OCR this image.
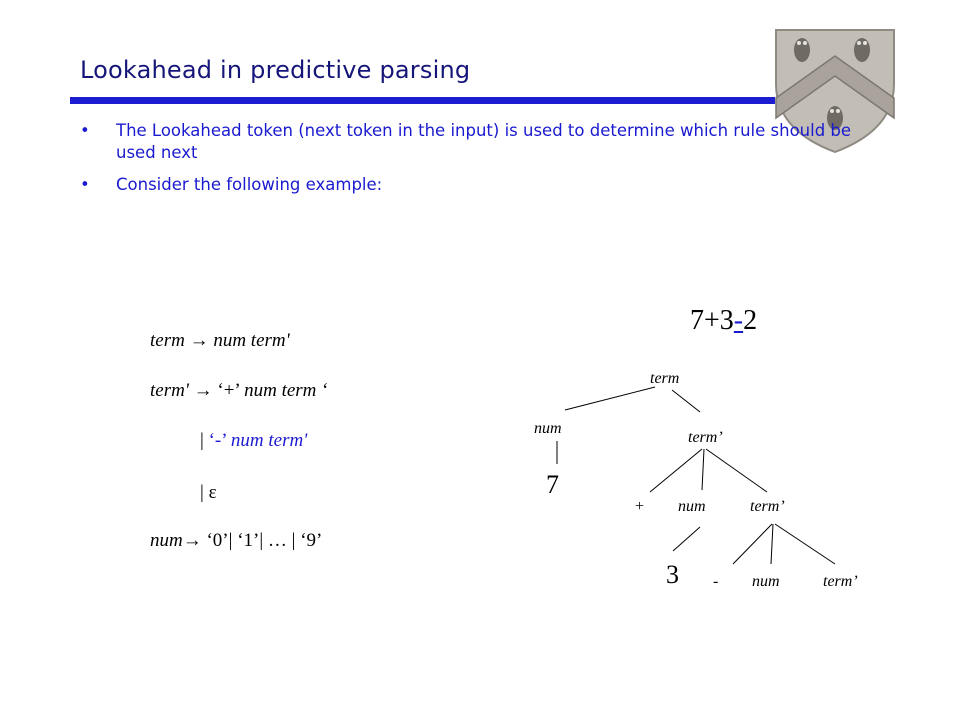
Lookahead in predictive parsing
• The Lookahead token (next token in the input) is used to determine which rule should be used next
• Consider the following example:
term → num term'
term' → ‘+’ num term ‘
| ‘-’ num term'
| ε
num→ ‘0’| ‘1’| … | ‘9’
7+3-2
term
num
term’
7
+ num	term’
3 - num	term’
